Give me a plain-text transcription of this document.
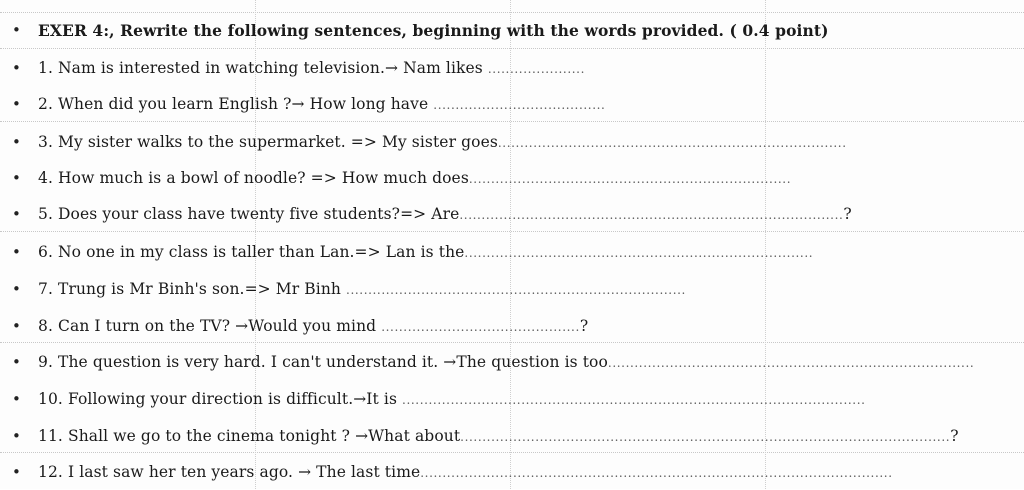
• EXER 4:, Rewrite the following sentences, beginning with the words provided. ( 0.4 point)
• 1. Nam is interested in watching television.→ Nam likes ......................
• 2. When did you learn English ?→ How long have .......................................
• 3. My sister walks to the supermarket. => My sister goes...............................................................................
• 4. How much is a bowl of noodle? => How much does.........................................................................
• 5. Does your class have twenty five students?=> Are.......................................................................................?
• 6. No one in my class is taller than Lan.=> Lan is the...............................................................................
• 7. Trung is Mr Binh's son.=> Mr Binh .............................................................................
• 8. Can I turn on the TV? →Would you mind .............................................?
• 9. The question is very hard. I can't understand it. →The question is too...................................................................................
• 10. Following your direction is difficult.→It is .........................................................................................................
• 11. Shall we go to the cinema tonight ? →What about...............................................................................................................?
• 12. I last saw her ten years ago. → The last time...........................................................................................................
